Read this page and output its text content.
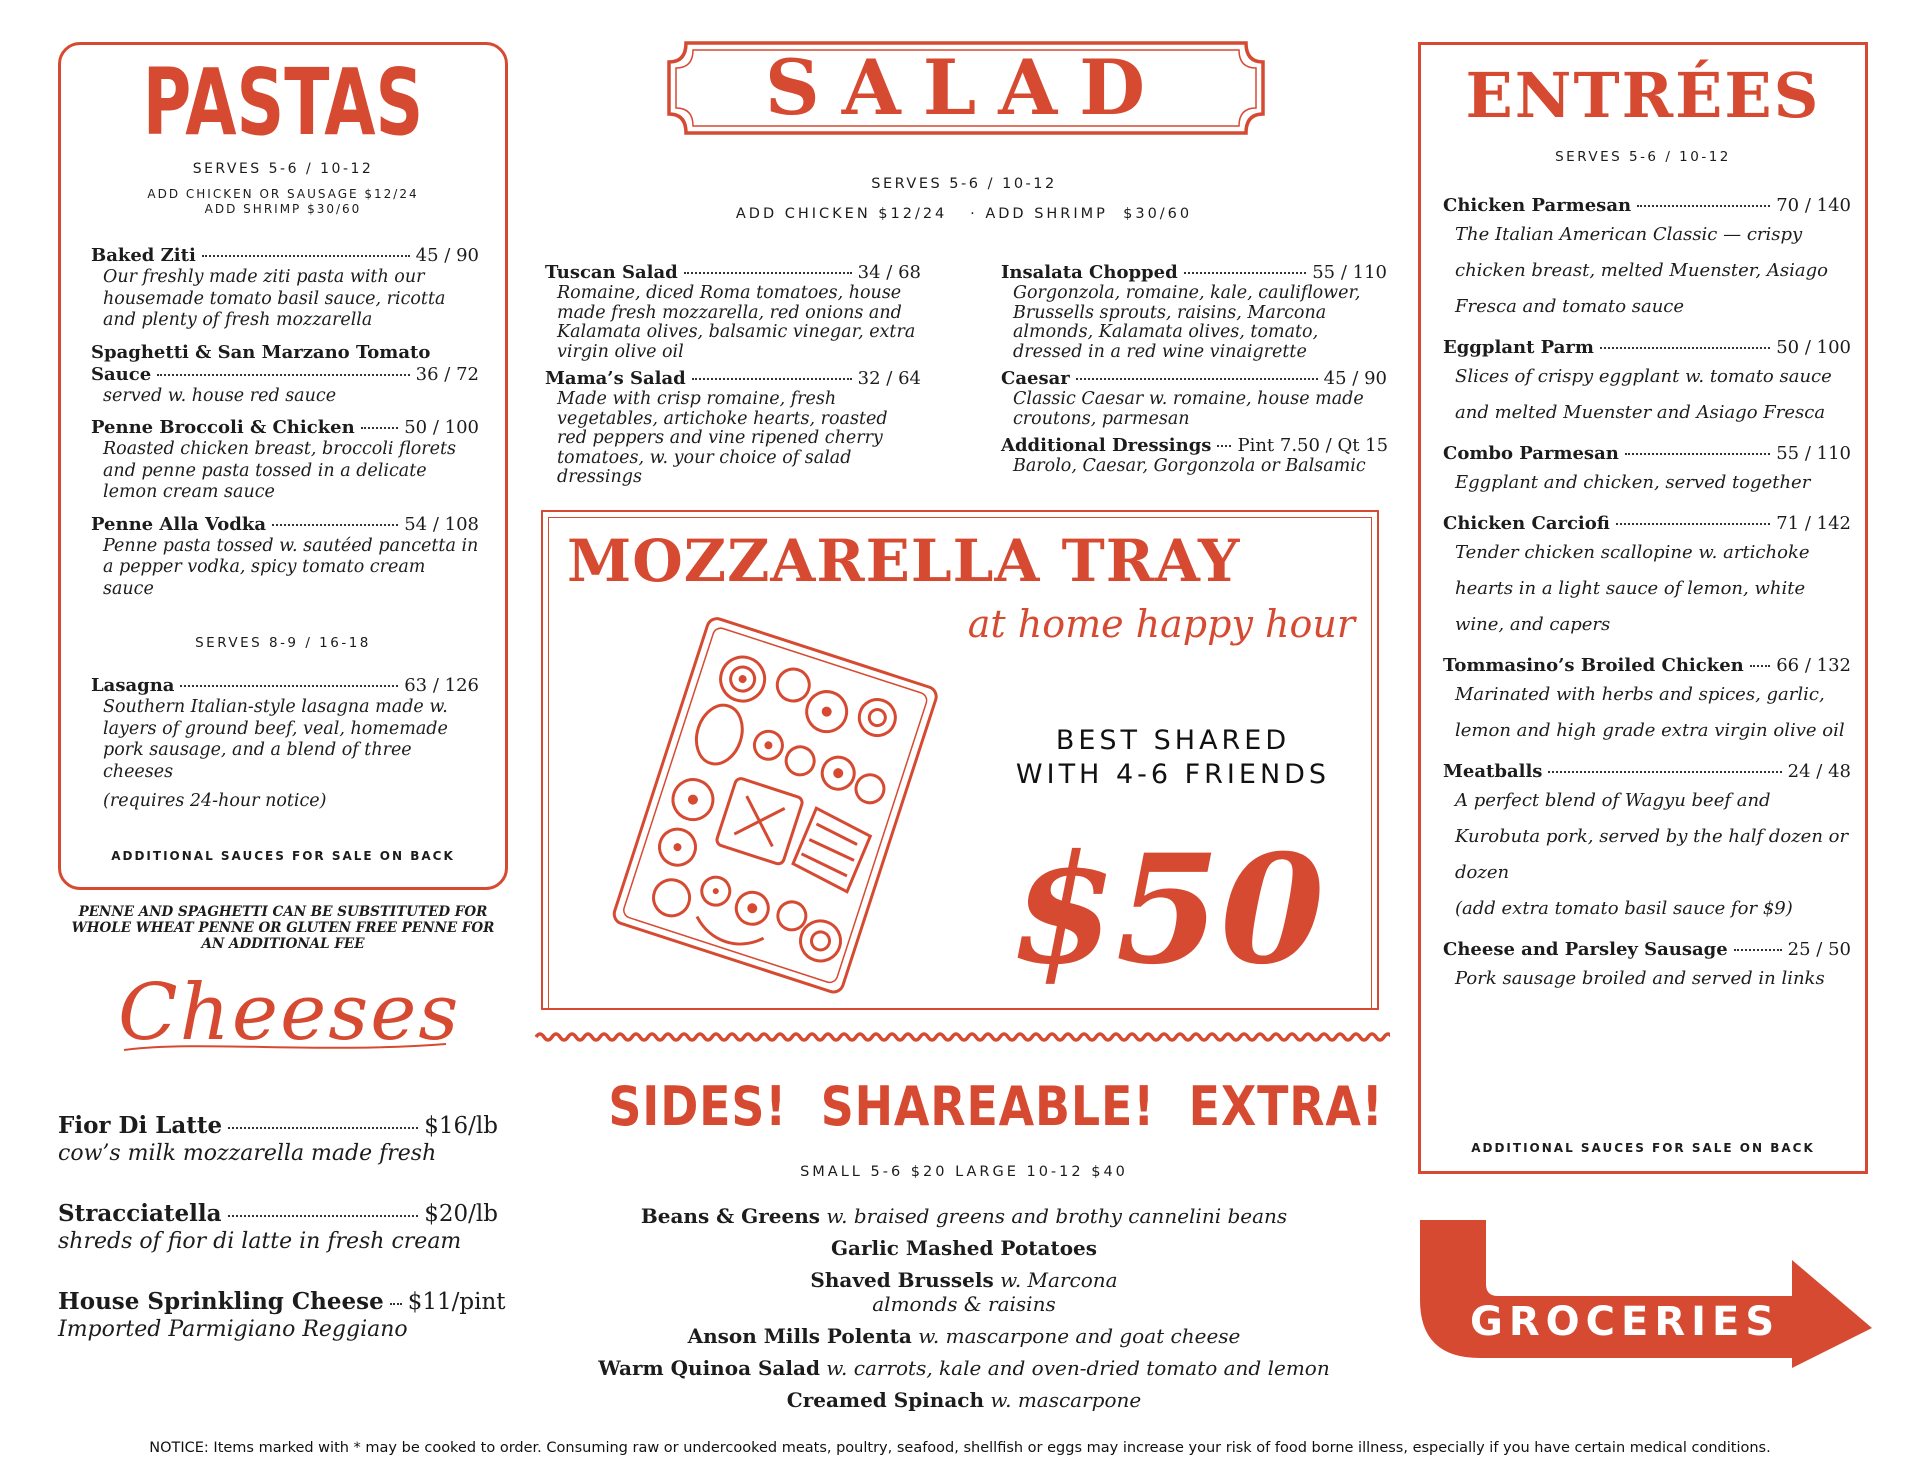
PASTAS
SERVES 5-6 / 10-12
ADD CHICKEN OR SAUSAGE $12/24
ADD SHRIMP $30/60
Baked Ziti	45 / 90
Our freshly made ziti pasta with our housemade tomato basil sauce, ricotta and plenty of fresh mozzarella
Spaghetti & San Marzano Tomato
Sauce	36 / 72
served w. house red sauce
Penne Broccoli & Chicken	50 / 100
Roasted chicken breast, broccoli florets and penne pasta tossed in a delicate lemon cream sauce
Penne Alla Vodka	54 / 108
Penne pasta tossed w. sautéed pancetta in a pepper vodka, spicy tomato cream sauce
SERVES 8-9 / 16-18
Lasagna	63 / 126
Southern Italian-style lasagna made w. layers of ground beef, veal, homemade pork sausage, and a blend of three cheeses
(requires 24-hour notice)
ADDITIONAL SAUCES FOR SALE ON BACK
PENNE AND SPAGHETTI CAN BE SUBSTITUTED FOR WHOLE WHEAT PENNE OR GLUTEN FREE PENNE FOR AN ADDITIONAL FEE
Cheeses
Fior Di Latte	$16/lb
cow’s milk mozzarella made fresh
Stracciatella	$20/lb
shreds of fior di latte in fresh cream
House Sprinkling Cheese $11/pint
Imported Parmigiano Reggiano
SALAD
SERVES 5-6 / 10-12
ADD CHICKEN $12/24   · ADD SHRIMP  $30/60
Tuscan Salad	34 / 68
Romaine, diced Roma tomatoes, house made fresh mozzarella, red onions and Kalamata olives, balsamic vinegar, extra virgin olive oil
Mama’s Salad	32 / 64
Made with crisp romaine, fresh vegetables, artichoke hearts, roasted red peppers and vine ripened cherry tomatoes, w. your choice of salad dressings
Insalata Chopped	55 / 110
Gorgonzola, romaine, kale, cauliflower, Brussells sprouts, raisins, Marcona almonds, Kalamata olives, tomato, dressed in a red wine vinaigrette
Caesar	45 / 90
Classic Caesar w. romaine, house made croutons, parmesan
Additional Dressings Pint 7.50 / Qt 15
Barolo, Caesar, Gorgonzola or Balsamic
MOZZARELLA TRAY
at home happy hour
BEST SHARED
WITH 4-6 FRIENDS
$50
SIDES!  SHAREABLE!  EXTRA!
SMALL 5-6 $20 LARGE 10-12 $40
Beans & Greens w. braised greens and brothy cannelini beans
Garlic Mashed Potatoes
Shaved Brussels w. Marcona
almonds & raisins
Anson Mills Polenta w. mascarpone and goat cheese
Warm Quinoa Salad w. carrots, kale and oven-dried tomato and lemon
Creamed Spinach w. mascarpone
ENTRÉES
SERVES 5-6 / 10-12
Chicken Parmesan	70 / 140
The Italian American Classic — crispy
chicken breast, melted Muenster, Asiago
Fresca and tomato sauce
Eggplant Parm	50 / 100
Slices of crispy eggplant w. tomato sauce
and melted Muenster and Asiago Fresca
Combo Parmesan	55 / 110
Eggplant and chicken, served together
Chicken Carciofi	71 / 142
Tender chicken scallopine w. artichoke
hearts in a light sauce of lemon, white
wine, and capers
Tommasino’s Broiled Chicken 66 / 132
Marinated with herbs and spices, garlic,
lemon and high grade extra virgin olive oil
Meatballs	24 / 48
A perfect blend of Wagyu beef and
Kurobuta pork, served by the half dozen or
dozen
(add extra tomato basil sauce for $9)
Cheese and Parsley Sausage	25 / 50
Pork sausage broiled and served in links
ADDITIONAL SAUCES FOR SALE ON BACK
GROCERIES
NOTICE: Items marked with * may be cooked to order. Consuming raw or undercooked meats, poultry, seafood, shellfish or eggs may increase your risk of food borne illness, especially if you have certain medical conditions.
